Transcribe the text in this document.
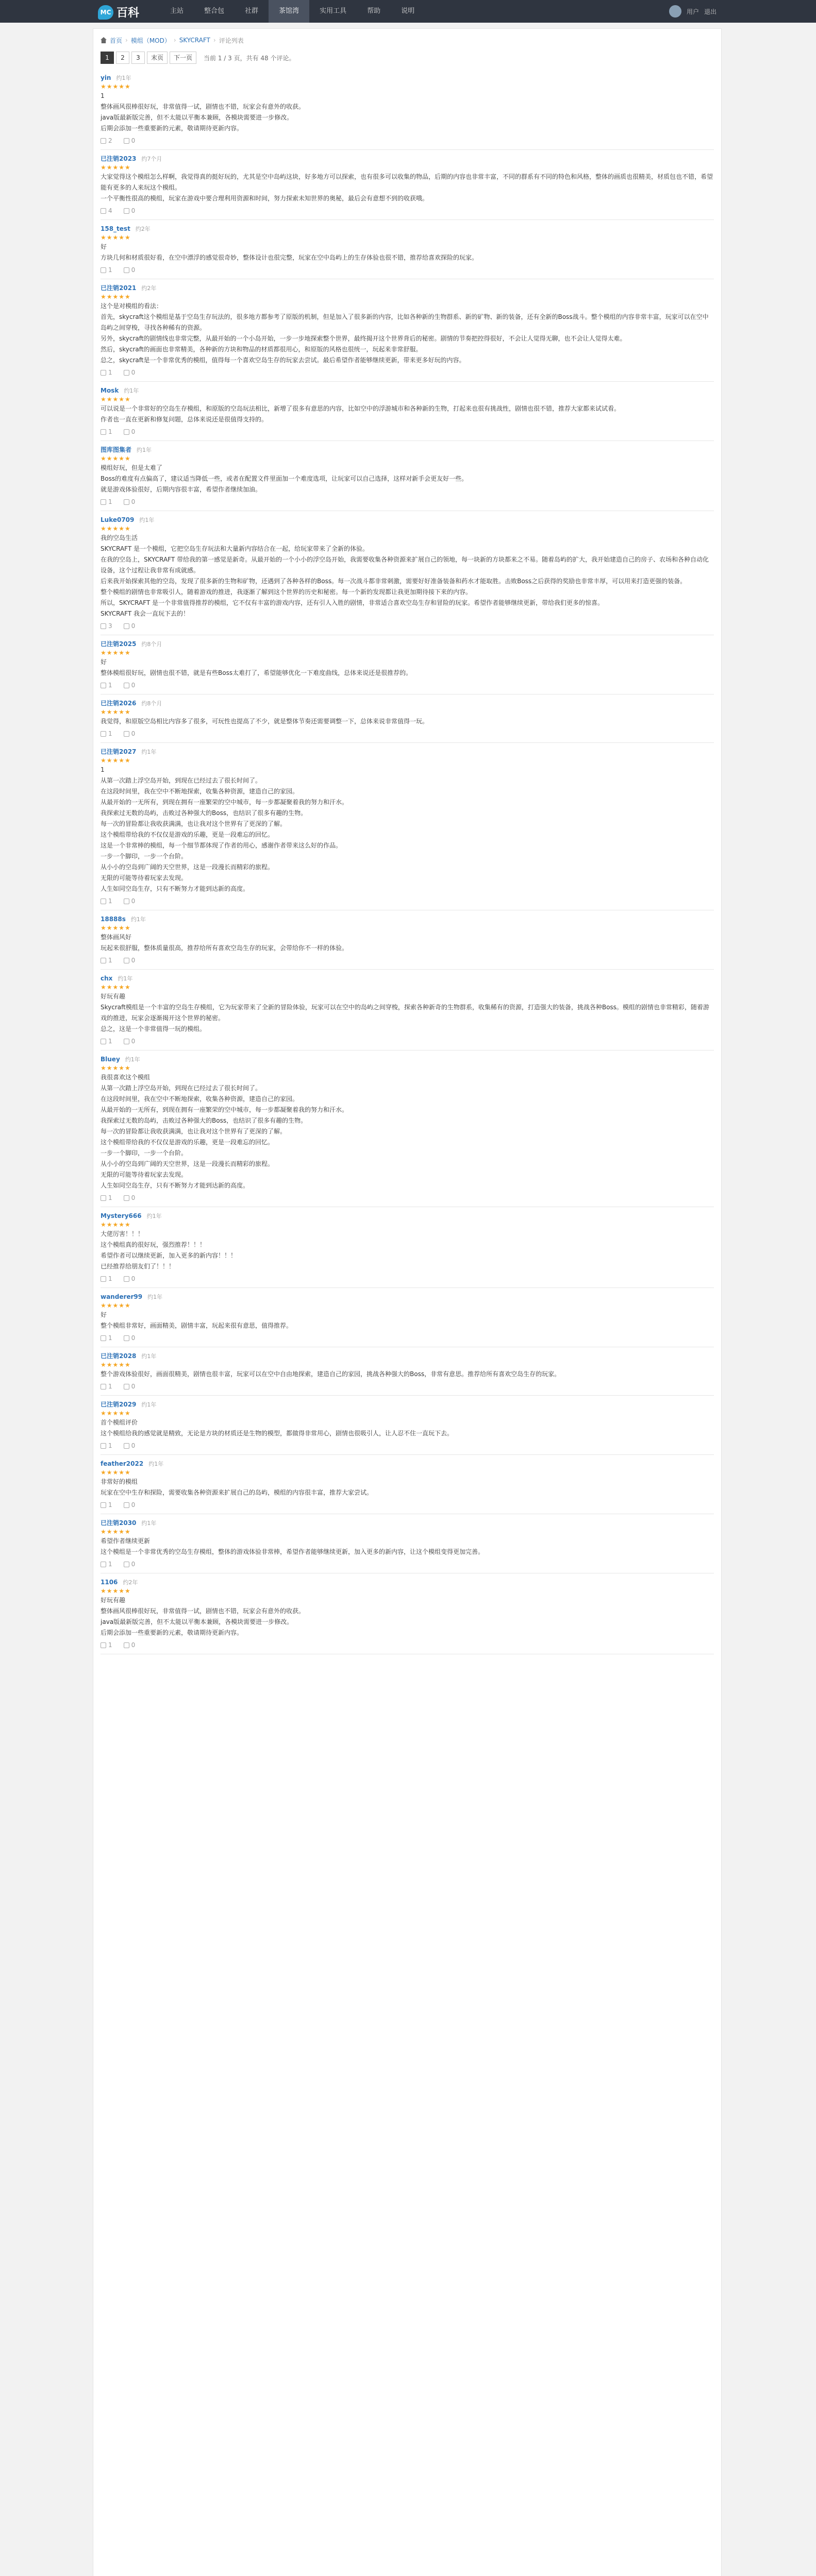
MC 百科	主站	整合包	社群	茶馆湾	实用工具	帮助	说明	用户 退出
首页 › 模组（MOD） › SKYCRAFT › 评论列表
1	2	3	末页	下一页	当前 1 / 3 页，共有 48 个评论。
yin 约1年
★★★★★

1

整体画风很棒很好玩，非常值得一试，剧情也不错，玩家会有意外的收获。

java版最新版完善，但不太能以平衡本兼顾，各模块需要进一步修改。

后期会添加一些重要新的元素，敬请期待更新内容。

2	0
已注销2023 约7个月
★★★★★

大家觉得这个模组怎么样啊，我觉得真的挺好玩的，尤其是空中岛屿这块，好多地方可以探索，也有很多可以收集的物品，后期的内容也非常丰富，不同的群系有不同的特色和风格，整体的画质也很精美，材质包也不错，希望能有更多的人来玩这个模组。

一个平衡性很高的模组，玩家在游戏中要合理利用资源和时间，努力探索未知世界的奥秘，最后会有意想不到的收获哦。

4	0
158_test 约2年
★★★★★

好

方块几何和材质很好看，在空中漂浮的感觉很奇妙，整体设计也很完整，玩家在空中岛屿上的生存体验也很不错，推荐给喜欢探险的玩家。

1	0
已注销2021 约2年
★★★★★

这个是对模组的看法：

首先，skycraft这个模组是基于空岛生存玩法的，很多地方都参考了原版的机制，但是加入了很多新的内容，比如各种新的生物群系、新的矿物、新的装备，还有全新的Boss战斗。整个模组的内容非常丰富，玩家可以在空中岛屿之间穿梭，寻找各种稀有的资源。

另外，skycraft的剧情线也非常完整，从最开始的一个小岛开始，一步一步地探索整个世界，最终揭开这个世界背后的秘密。剧情的节奏把控得很好，不会让人觉得无聊，也不会让人觉得太难。

然后，skycraft的画面也非常精美，各种新的方块和物品的材质都很用心，和原版的风格也很统一，玩起来非常舒服。

总之，skycraft是一个非常优秀的模组，值得每一个喜欢空岛生存的玩家去尝试。最后希望作者能够继续更新，带来更多好玩的内容。

1	0
Mosk 约1年
★★★★★

可以说是一个非常好的空岛生存模组，和原版的空岛玩法相比，新增了很多有意思的内容，比如空中的浮游城市和各种新的生物，打起来也很有挑战性，剧情也很不错，推荐大家都来试试看。

作者也一直在更新和修复问题，总体来说还是很值得支持的。

1	0
图库图集者 约1年
★★★★★

模组好玩，但是太难了

Boss的难度有点偏高了，建议适当降低一些，或者在配置文件里面加一个难度选项，让玩家可以自己选择，这样对新手会更友好一些。

就是游戏体验很好，后期内容很丰富，希望作者继续加油。

1	0
Luke0709 约1年
★★★★★

我的空岛生活

SKYCRAFT 是一个模组，它把空岛生存玩法和大量新内容结合在一起，给玩家带来了全新的体验。

在我的空岛上，SKYCRAFT 带给我的第一感觉是新奇。从最开始的一个小小的浮空岛开始，我需要收集各种资源来扩展自己的领地，每一块新的方块都来之不易。随着岛屿的扩大，我开始建造自己的房子、农场和各种自动化设备，这个过程让我非常有成就感。

后来我开始探索其他的空岛，发现了很多新的生物和矿物，还遇到了各种各样的Boss。每一次战斗都非常刺激，需要好好准备装备和药水才能取胜。击败Boss之后获得的奖励也非常丰厚，可以用来打造更强的装备。

整个模组的剧情也非常吸引人，随着游戏的推进，我逐渐了解到这个世界的历史和秘密。每一个新的发现都让我更加期待接下来的内容。

所以，SKYCRAFT 是一个非常值得推荐的模组，它不仅有丰富的游戏内容，还有引人入胜的剧情，非常适合喜欢空岛生存和冒险的玩家。希望作者能够继续更新，带给我们更多的惊喜。

SKYCRAFT 我会一直玩下去的！

3	0
已注销2025 约8个月
★★★★★

好

整体模组很好玩，剧情也很不错，就是有些Boss太难打了，希望能够优化一下难度曲线，总体来说还是很推荐的。

1	0
已注销2026 约8个月
★★★★★

我觉得，和原版空岛相比内容多了很多，可玩性也提高了不少，就是整体节奏还需要调整一下，总体来说非常值得一玩。

1	0
已注销2027 约1年
★★★★★

1

从第一次踏上浮空岛开始，到现在已经过去了很长时间了。

在这段时间里，我在空中不断地探索，收集各种资源，建造自己的家园。

从最开始的一无所有，到现在拥有一座繁荣的空中城市，每一步都凝聚着我的努力和汗水。

我探索过无数的岛屿，击败过各种强大的Boss，也结识了很多有趣的生物。

每一次的冒险都让我收获满满，也让我对这个世界有了更深的了解。

这个模组带给我的不仅仅是游戏的乐趣，更是一段难忘的回忆。

这是一个非常棒的模组，每一个细节都体现了作者的用心，感谢作者带来这么好的作品。

一步一个脚印，一步一个台阶。

从小小的空岛到广阔的天空世界，这是一段漫长而精彩的旅程。

无限的可能等待着玩家去发现。

人生如同空岛生存，只有不断努力才能到达新的高度。

1	0
18888s 约1年
★★★★★

整体画风好

玩起来很舒服，整体质量很高，推荐给所有喜欢空岛生存的玩家，会带给你不一样的体验。

1	0
chx 约1年
★★★★★

好玩有趣

Skycraft模组是一个丰富的空岛生存模组，它为玩家带来了全新的冒险体验，玩家可以在空中的岛屿之间穿梭，探索各种新奇的生物群系，收集稀有的资源，打造强大的装备，挑战各种Boss。模组的剧情也非常精彩，随着游戏的推进，玩家会逐渐揭开这个世界的秘密。

总之，这是一个非常值得一玩的模组。

1	0
Bluey 约1年
★★★★★

我很喜欢这个模组

从第一次踏上浮空岛开始，到现在已经过去了很长时间了。

在这段时间里，我在空中不断地探索，收集各种资源，建造自己的家园。

从最开始的一无所有，到现在拥有一座繁荣的空中城市，每一步都凝聚着我的努力和汗水。

我探索过无数的岛屿，击败过各种强大的Boss，也结识了很多有趣的生物。

每一次的冒险都让我收获满满，也让我对这个世界有了更深的了解。

这个模组带给我的不仅仅是游戏的乐趣，更是一段难忘的回忆。

一步一个脚印，一步一个台阶。

从小小的空岛到广阔的天空世界，这是一段漫长而精彩的旅程。

无限的可能等待着玩家去发现。

人生如同空岛生存，只有不断努力才能到达新的高度。

1	0
Mystery666 约1年
★★★★★

大佬厉害！！！

这个模组真的很好玩，强烈推荐！！！

希望作者可以继续更新，加入更多的新内容！！！

已经推荐给朋友们了！！！

1	0
wanderer99 约1年
★★★★★

好

整个模组非常好，画面精美，剧情丰富，玩起来很有意思，值得推荐。

1	0
已注销2028 约1年
★★★★★

整个游戏体验很好，画面很精美，剧情也很丰富，玩家可以在空中自由地探索，建造自己的家园，挑战各种强大的Boss，非常有意思。推荐给所有喜欢空岛生存的玩家。

1	0
已注销2029 约1年
★★★★★

首个模组评价

这个模组给我的感觉就是精致，无论是方块的材质还是生物的模型，都做得非常用心，剧情也很吸引人，让人忍不住一直玩下去。

1	0
feather2022 约1年
★★★★★

非常好的模组

玩家在空中生存和探险，需要收集各种资源来扩展自己的岛屿，模组的内容很丰富，推荐大家尝试。

1	0
已注销2030 约1年
★★★★★

希望作者继续更新

这个模组是一个非常优秀的空岛生存模组，整体的游戏体验非常棒，希望作者能够继续更新，加入更多的新内容，让这个模组变得更加完善。

1	0
1106 约2年
★★★★★

好玩有趣

整体画风很棒很好玩，非常值得一试，剧情也不错，玩家会有意外的收获。

java版最新版完善，但不太能以平衡本兼顾，各模块需要进一步修改。

后期会添加一些重要新的元素，敬请期待更新内容。

1	0
